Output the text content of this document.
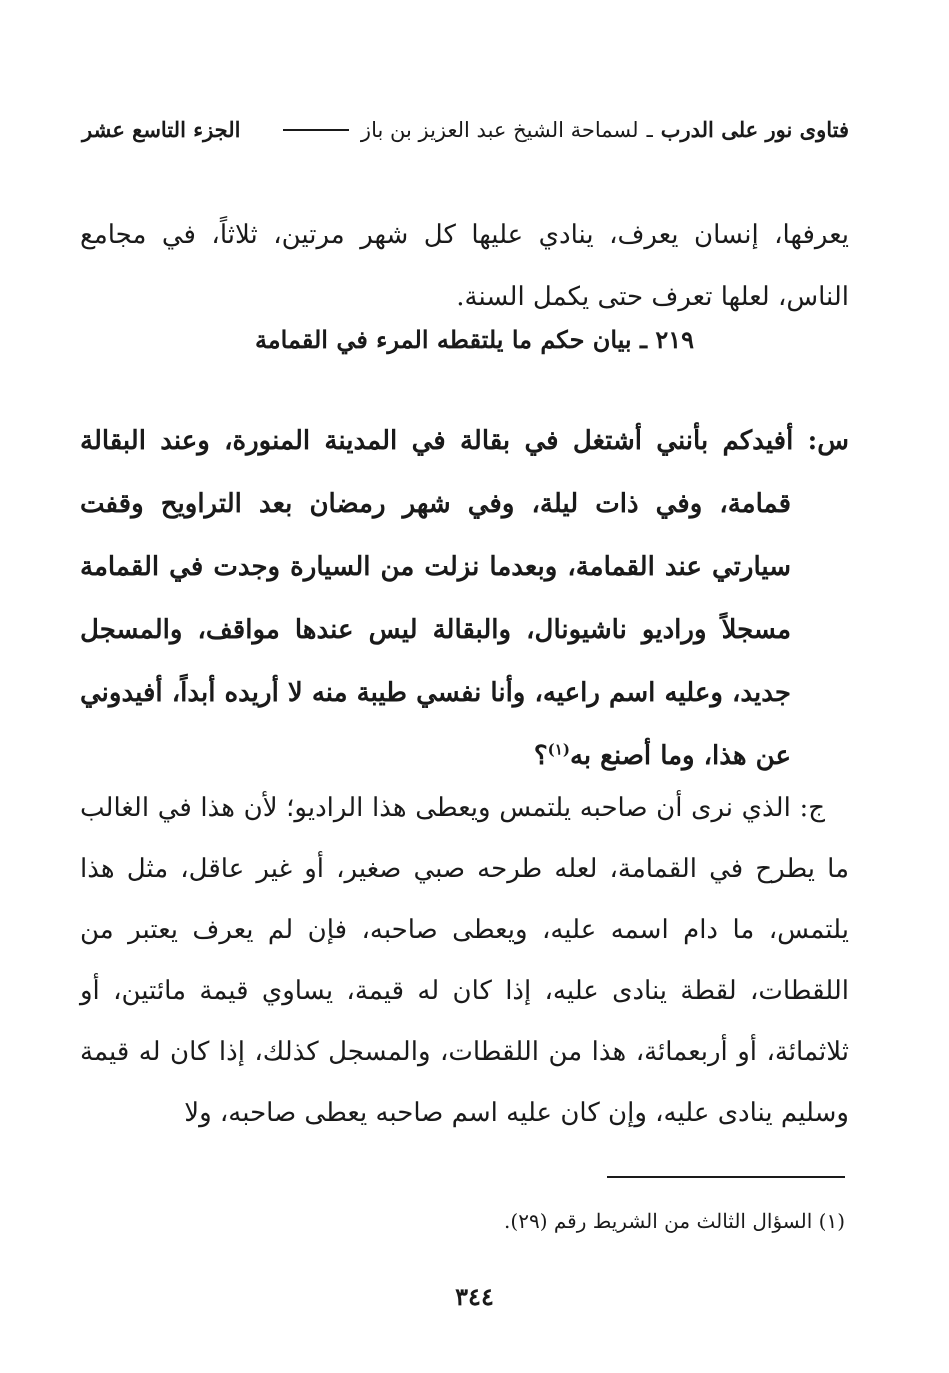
فتاوى نور على الدرب
ـ
لسماحة الشيخ عبد العزيز بن باز
الجزء التاسع عشر

يعرفها، إنسان يعرف، ينادي عليها كل شهر مرتين، ثلاثاً، في مجامع الناس، لعلها تعرف حتى يكمل السنة.

٢١٩ ـ بيان حكم ما يلتقطه المرء في القمامة

س: أفيدكم بأنني أشتغل في بقالة في المدينة المنورة، وعند البقالة قمامة، وفي ذات ليلة، وفي شهر رمضان بعد التراويح وقفت سيارتي عند القمامة، وبعدما نزلت من السيارة وجدت في القمامة مسجلاً وراديو ناشيونال، والبقالة ليس عندها مواقف، والمسجل جديد، وعليه اسم راعيه، وأنا نفسي طيبة منه لا أريده أبداً، أفيدوني عن هذا، وما أصنع به$^{(١)}$؟

ج: الذي نرى أن صاحبه يلتمس ويعطى هذا الراديو؛ لأن هذا في الغالب ما يطرح في القمامة، لعله طرحه صبي صغير، أو غير عاقل، مثل هذا يلتمس، ما دام اسمه عليه، ويعطى صاحبه، فإن لم يعرف يعتبر من اللقطات، لقطة ينادى عليه، إذا كان له قيمة، يساوي قيمة مائتين، أو ثلاثمائة، أو أربعمائة، هذا من اللقطات، والمسجل كذلك، إذا كان له قيمة وسليم ينادى عليه، وإن كان عليه اسم صاحبه يعطى صاحبه، ولا

(١) السؤال الثالث من الشريط رقم (٢٩).
٣٤٤
